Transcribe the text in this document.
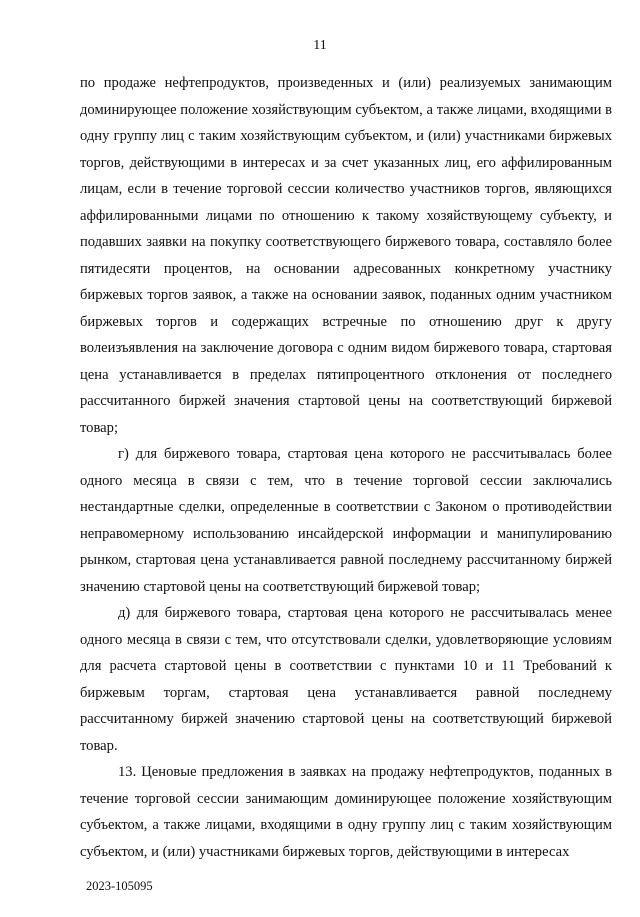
11

по продаже нефтепродуктов, произведенных и (или) реализуемых занимающим доминирующее положение хозяйствующим субъектом, а также лицами, входящими в одну группу лиц с таким хозяйствующим субъектом, и (или) участниками биржевых торгов, действующими в интересах и за счет указанных лиц, его аффилированным лицам, если в течение торговой сессии количество участников торгов, являющихся аффилированными лицами по отношению к такому хозяйствующему субъекту, и подавших заявки на покупку соответствующего биржевого товара, составляло более пятидесяти процентов, на основании адресованных конкретному участнику биржевых торгов заявок, а также на основании заявок, поданных одним участником биржевых торгов и содержащих встречные по отношению друг к другу волеизъявления на заключение договора с одним видом биржевого товара, стартовая цена устанавливается в пределах пятипроцентного отклонения от последнего рассчитанного биржей значения стартовой цены на соответствующий биржевой товар;

г) для биржевого товара, стартовая цена которого не рассчитывалась более одного месяца в связи с тем, что в течение торговой сессии заключались нестандартные сделки, определенные в соответствии с Законом о противодействии неправомерному использованию инсайдерской информации и манипулированию рынком, стартовая цена устанавливается равной последнему рассчитанному биржей значению стартовой цены на соответствующий биржевой товар;

д) для биржевого товара, стартовая цена которого не рассчитывалась менее одного месяца в связи с тем, что отсутствовали сделки, удовлетворяющие условиям для расчета стартовой цены в соответствии с пунктами 10 и 11 Требований к биржевым торгам, стартовая цена устанавливается равной последнему рассчитанному биржей значению стартовой цены на соответствующий биржевой товар.

13. Ценовые предложения в заявках на продажу нефтепродуктов, поданных в течение торговой сессии занимающим доминирующее положение хозяйствующим субъектом, а также лицами, входящими в одну группу лиц с таким хозяйствующим субъектом, и (или) участниками биржевых торгов, действующими в интересах

2023-105095
